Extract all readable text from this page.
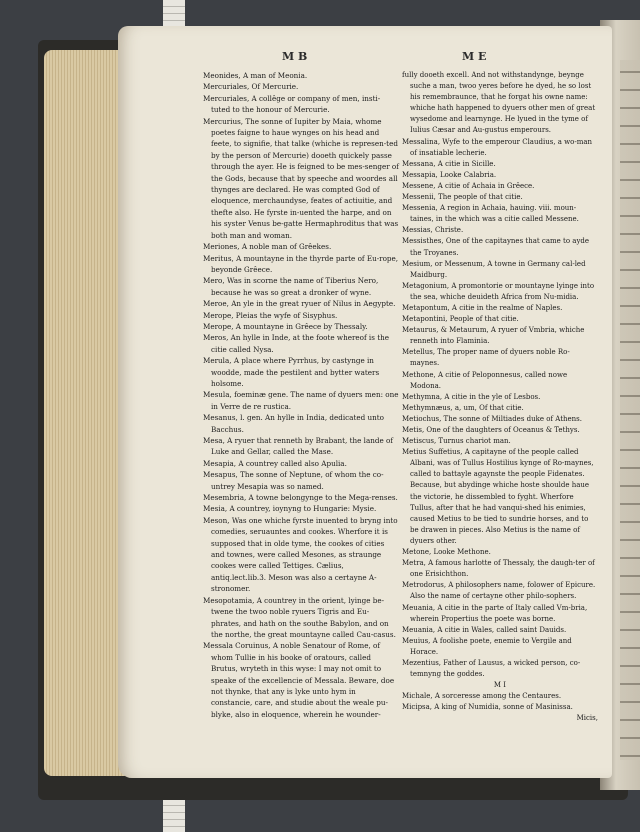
M B	M E

Meonides, A man of Meonia.

Mercuriales, Of Mercurie.

Mercuriales, A collêge or company of men, insti-tuted to the honour of Mercurie.

Mercurius, The sonne of Iupiter by Maia, whome poetes faigne to haue wynges on his head and feete, to signifie, that talke (whiche is represen-ted by the person of Mercurie) dooeth quickely passe through the ayer. He is feigned to be mes-senger of the Gods, because that by speeche and woordes all thynges are declared. He was compted God of eloquence, merchaundyse, feates of actiuitie, and thefte also. He fyrste in-uented the harpe, and on his syster Venus be-gatte Hermaphroditus that was both man and woman.

Meriones, A noble man of Grêekes.

Meritus, A mountayne in the thyrde parte of Eu-rope, beyonde Grêece.

Mero, Was in scorne the name of Tiberius Nero, because he was so great a dronker of wyne.

Meroe, An yle in the great ryuer of Nilus in Aegypte.

Merope, Pleias the wyfe of Sisyphus.

Merope, A mountayne in Grêece by Thessaly.

Meros, An hylle in Inde, at the foote whereof is the citie called Nysa.

Merula, A place where Pyrrhus, by castynge in woodde, made the pestilent and bytter waters holsome.

Mesula, foeminæ gene. The name of dyuers men: one in Verre de re rustica.

Mesanus, l. gen. An hylle in India, dedicated unto Bacchus.

Mesa, A ryuer that renneth by Brabant, the lande of Luke and Gellar, called the Mase.

Mesapia, A countrey called also Apulia.

Mesapus, The sonne of Neptune, of whom the co-untrey Mesapia was so named.

Mesembria, A towne belongynge to the Mega-renses.

Mesia, A countrey, ioynyng to Hungarie: Mysie.

Meson, Was one whiche fyrste inuented to bryng into comedies, seruauntes and cookes. Wherfore it is supposed that in olde tyme, the cookes of cities and townes, were called Mesones, as straunge cookes were called Tettiges. Cælius, antiq.lect.lib.3. Meson was also a certayne A-stronomer.

Mesopotamia, A countrey in the orient, lyinge be-twene the twoo noble ryuers Tigris and Eu-phrates, and hath on the southe Babylon, and on the northe, the great mountayne called Cau-casus.

Messala Coruinus, A noble Senatour of Rome, of whom Tullie in his booke of oratours, called Brutus, wryteth in this wyse: I may not omit to speake of the excellencie of Messala. Beware, doe not thynke, that any is lyke unto hym in constancie, care, and studie about the weale pu-blyke, also in eloquence, wherein he wounder-

fully dooeth excell. And not withstandynge, beynge suche a man, twoo yeres before he dyed, he so lost his remembraunce, that he forgat his owne name: whiche hath happened to dyuers other men of great wysedome and learnynge. He lyued in the tyme of Iulius Cæsar and Au-gustus emperours.

Messalina, Wyfe to the emperour Claudius, a wo-man of insatiable lecherie.

Messana, A citie in Sicille.

Messapia, Looke Calabria.

Messene, A citie of Achaia in Grêece.

Messenii, The people of that citie.

Messenia, A region in Achaia, hauing. viii. moun-taines, in the which was a citie called Messene.

Messias, Christe.

Messisthes, One of the capitaynes that came to ayde the Troyanes.

Mesium, or Messenum, A towne in Germany cal-led Maidburg.

Metagonium, A promontorie or mountayne lyinge into the sea, whiche deuideth Africa from Nu-midia.

Metapontum, A citie in the realme of Naples.

Metapontini, People of that citie.

Metaurus, & Metaurum, A ryuer of Vmbria, whiche renneth into Flaminia.

Metellus, The proper name of dyuers noble Ro-maynes.

Methone, A citie of Peloponnesus, called nowe Modona.

Methymna, A citie in the yle of Lesbos.

Methymnæus, a, um, Of that citie.

Metiochus, The sonne of Miltiades duke of Athens.

Metis, One of the daughters of Oceanus & Tethys.

Metiscus, Turnus chariot man.

Metius Suffetius, A capitayne of the people called Albani, was of Tullus Hostilius kynge of Ro-maynes, called to battayle agaynste the people Fidenates. Because, but abydinge whiche hoste shoulde haue the victorie, he dissembled to fyght. Wherfore Tullus, after that he had vanqui-shed his enimies, caused Metius to be tied to sundrie horses, and to be drawen in pieces. Also Metius is the name of dyuers other.

Metone, Looke Methone.

Metra, A famous harlotte of Thessaly, the daugh-ter of one Erisichthon.

Metrodorus, A philosophers name, folower of Epicure. Also the name of certayne other philo-sophers.

Meuania, A citie in the parte of Italy called Vm-bria, wherein Propertius the poete was borne.

Meuania, A citie in Wales, called saint Dauids.

Meuius, A foolishe poete, enemie to Vergile and Horace.

Mezentius, Father of Lausus, a wicked person, co-temnyng the goddes.

M I

Michale, A sorceresse among the Centaures.

Micipsa, A king of Numidia, sonne of Masinissa.

Micis,
